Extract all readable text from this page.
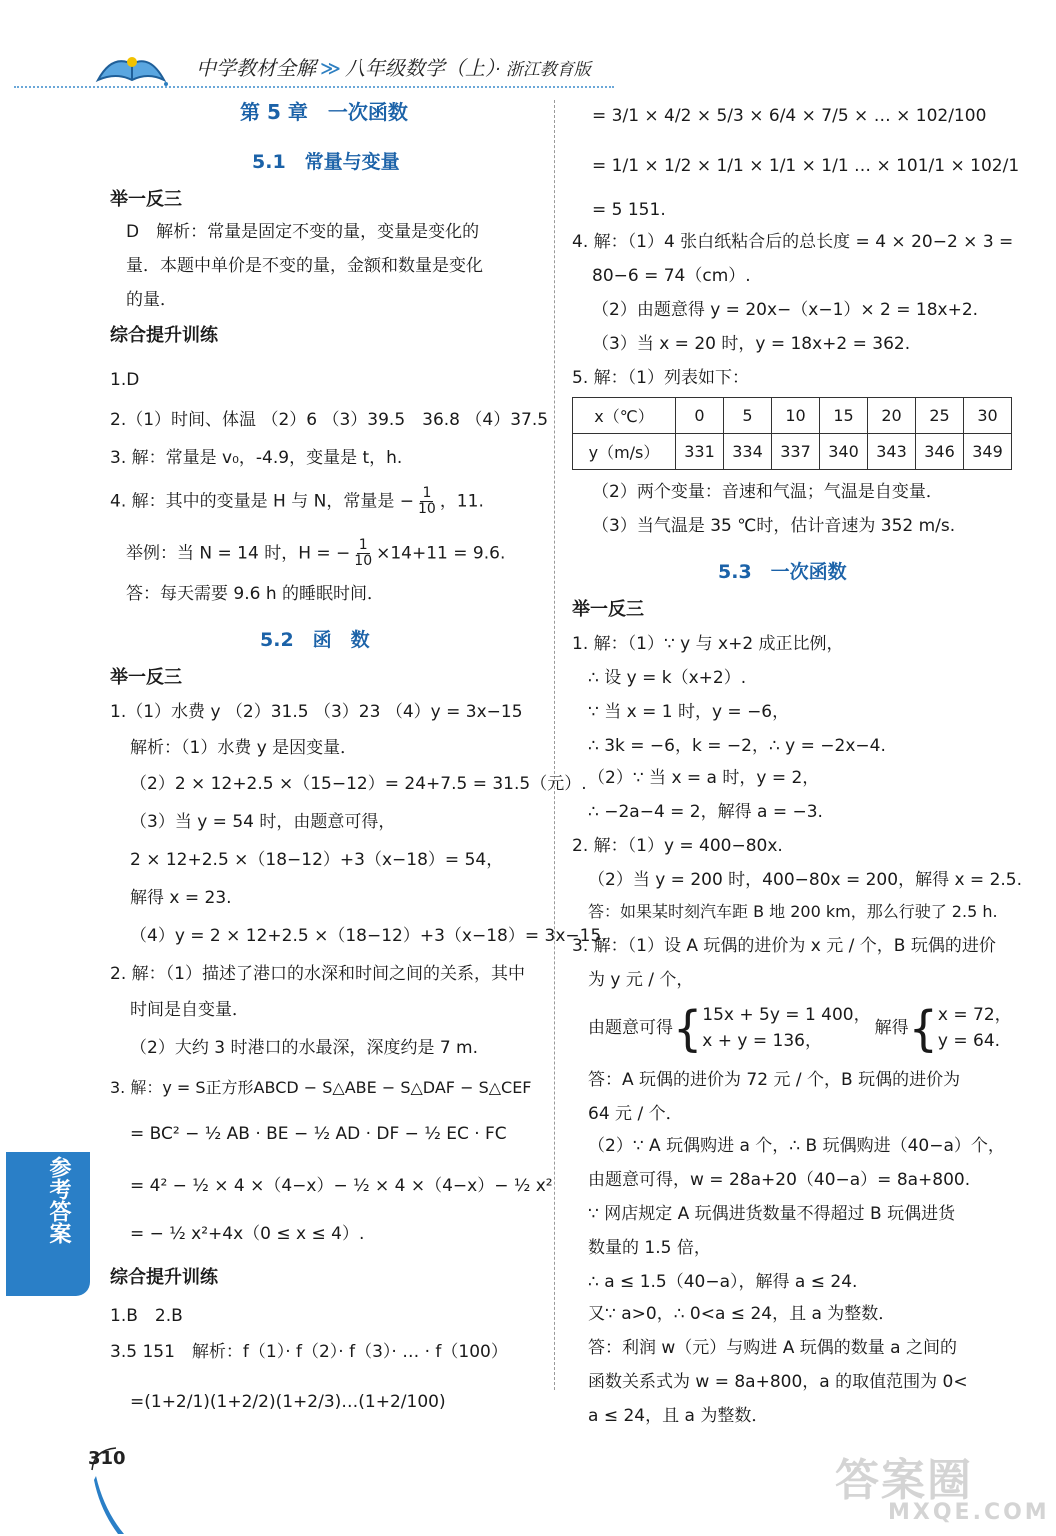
中学教材全解 ≫ 八年级数学（上）· 浙江教育版
第 5 章　一次函数
5.1　常量与变量
举一反三
D　解析：常量是固定不变的量，变量是变化的
量．本题中单价是不变的量，金额和数量是变化
的量．
综合提升训练
1.D
2.（1）时间、体温 （2）6 （3）39.5　36.8 （4）37.5
3. 解：常量是 v₀，-4.9，变量是 t，h.
4. 解：其中的变量是 H 与 N，常量是 − $\frac{1}{10}$ ，11.
举例：当 N = 14 时，H = − $\frac{1}{10} \times 14+11 = 9.6$.
答：每天需要 9.6 h 的睡眠时间．
5.2　函　数
举一反三
1.（1）水费 y （2）31.5 （3）23 （4）y = 3x−15
解析：（1）水费 y 是因变量．
（2）2 × 12+2.5 ×（15−12）= 24+7.5 = 31.5（元）.
（3）当 y = 54 时，由题意可得，
2 × 12+2.5 ×（18−12）+3（x−18）= 54，
解得 x = 23.
（4）y = 2 × 12+2.5 ×（18−12）+3（x−18）= 3x−15.
2. 解：（1）描述了港口的水深和时间之间的关系，其中
时间是自变量．
（2）大约 3 时港口的水最深，深度约是 7 m.
3. 解：y = S正方形ABCD − S△ABE − S△DAF − S△CEF
= BC² − ½ AB · BE − ½ AD · DF − ½ EC · FC
= 4² − ½ × 4 ×（4−x）− ½ × 4 ×（4−x）− ½ x²
= − ½ x²+4x（0 ≤ x ≤ 4）.
综合提升训练
1.B　2.B
3.5 151　解析：f（1）· f（2）· f（3）· … · f（100）
=(1+2/1)(1+2/2)(1+2/3)…(1+2/100)
= 3/1 × 4/2 × 5/3 × 6/4 × 7/5 × … × 102/100
= 1/1 × 1/2 × 1/1 × 1/1 × 1/1 … × 101/1 × 102/1
= 5 151.
4. 解：（1）4 张白纸粘合后的总长度 = 4 × 20−2 × 3 =
80−6 = 74（cm）.
（2）由题意得 y = 20x−（x−1）× 2 = 18x+2.
（3）当 x = 20 时，y = 18x+2 = 362.
5. 解：（1）列表如下：
x（℃）	0	5	10	15	20	25	30
y（m/s）	331	334	337	340	343	346	349
（2）两个变量：音速和气温；气温是自变量．
（3）当气温是 35 ℃时，估计音速为 352 m/s.
5.3　一次函数
举一反三
1. 解：（1）∵ y 与 x+2 成正比例，
∴ 设 y = k（x+2）.
∵ 当 x = 1 时，y = −6，
∴ 3k = −6，k = −2，∴ y = −2x−4.
（2）∵ 当 x = a 时，y = 2，
∴ −2a−4 = 2，解得 a = −3.
2. 解：（1）y = 400−80x.
（2）当 y = 200 时，400−80x = 200，解得 x = 2.5.
答：如果某时刻汽车距 B 地 200 km，那么行驶了 2.5 h.
3. 解：（1）设 A 玩偶的进价为 x 元 / 个，B 玩偶的进价
为 y 元 / 个，
由题意可得{ 15x + 5y = 1 400，
x + y = 136，
解得{ x = 72，
y = 64.
答：A 玩偶的进价为 72 元 / 个，B 玩偶的进价为
64 元 / 个．
（2）∵ A 玩偶购进 a 个，∴ B 玩偶购进（40−a）个，
由题意可得，w = 28a+20（40−a）= 8a+800.
∵ 网店规定 A 玩偶进货数量不得超过 B 玩偶进货
数量的 1.5 倍，
∴ a ≤ 1.5（40−a），解得 a ≤ 24.
又∵ a>0，∴ 0<a ≤ 24，且 a 为整数．
答：利润 w（元）与购进 A 玩偶的数量 a 之间的
函数关系式为 w = 8a+800，a 的取值范围为 0<
a ≤ 24，且 a 为整数．
参考答案
310	答案圈
MXQE.COM
